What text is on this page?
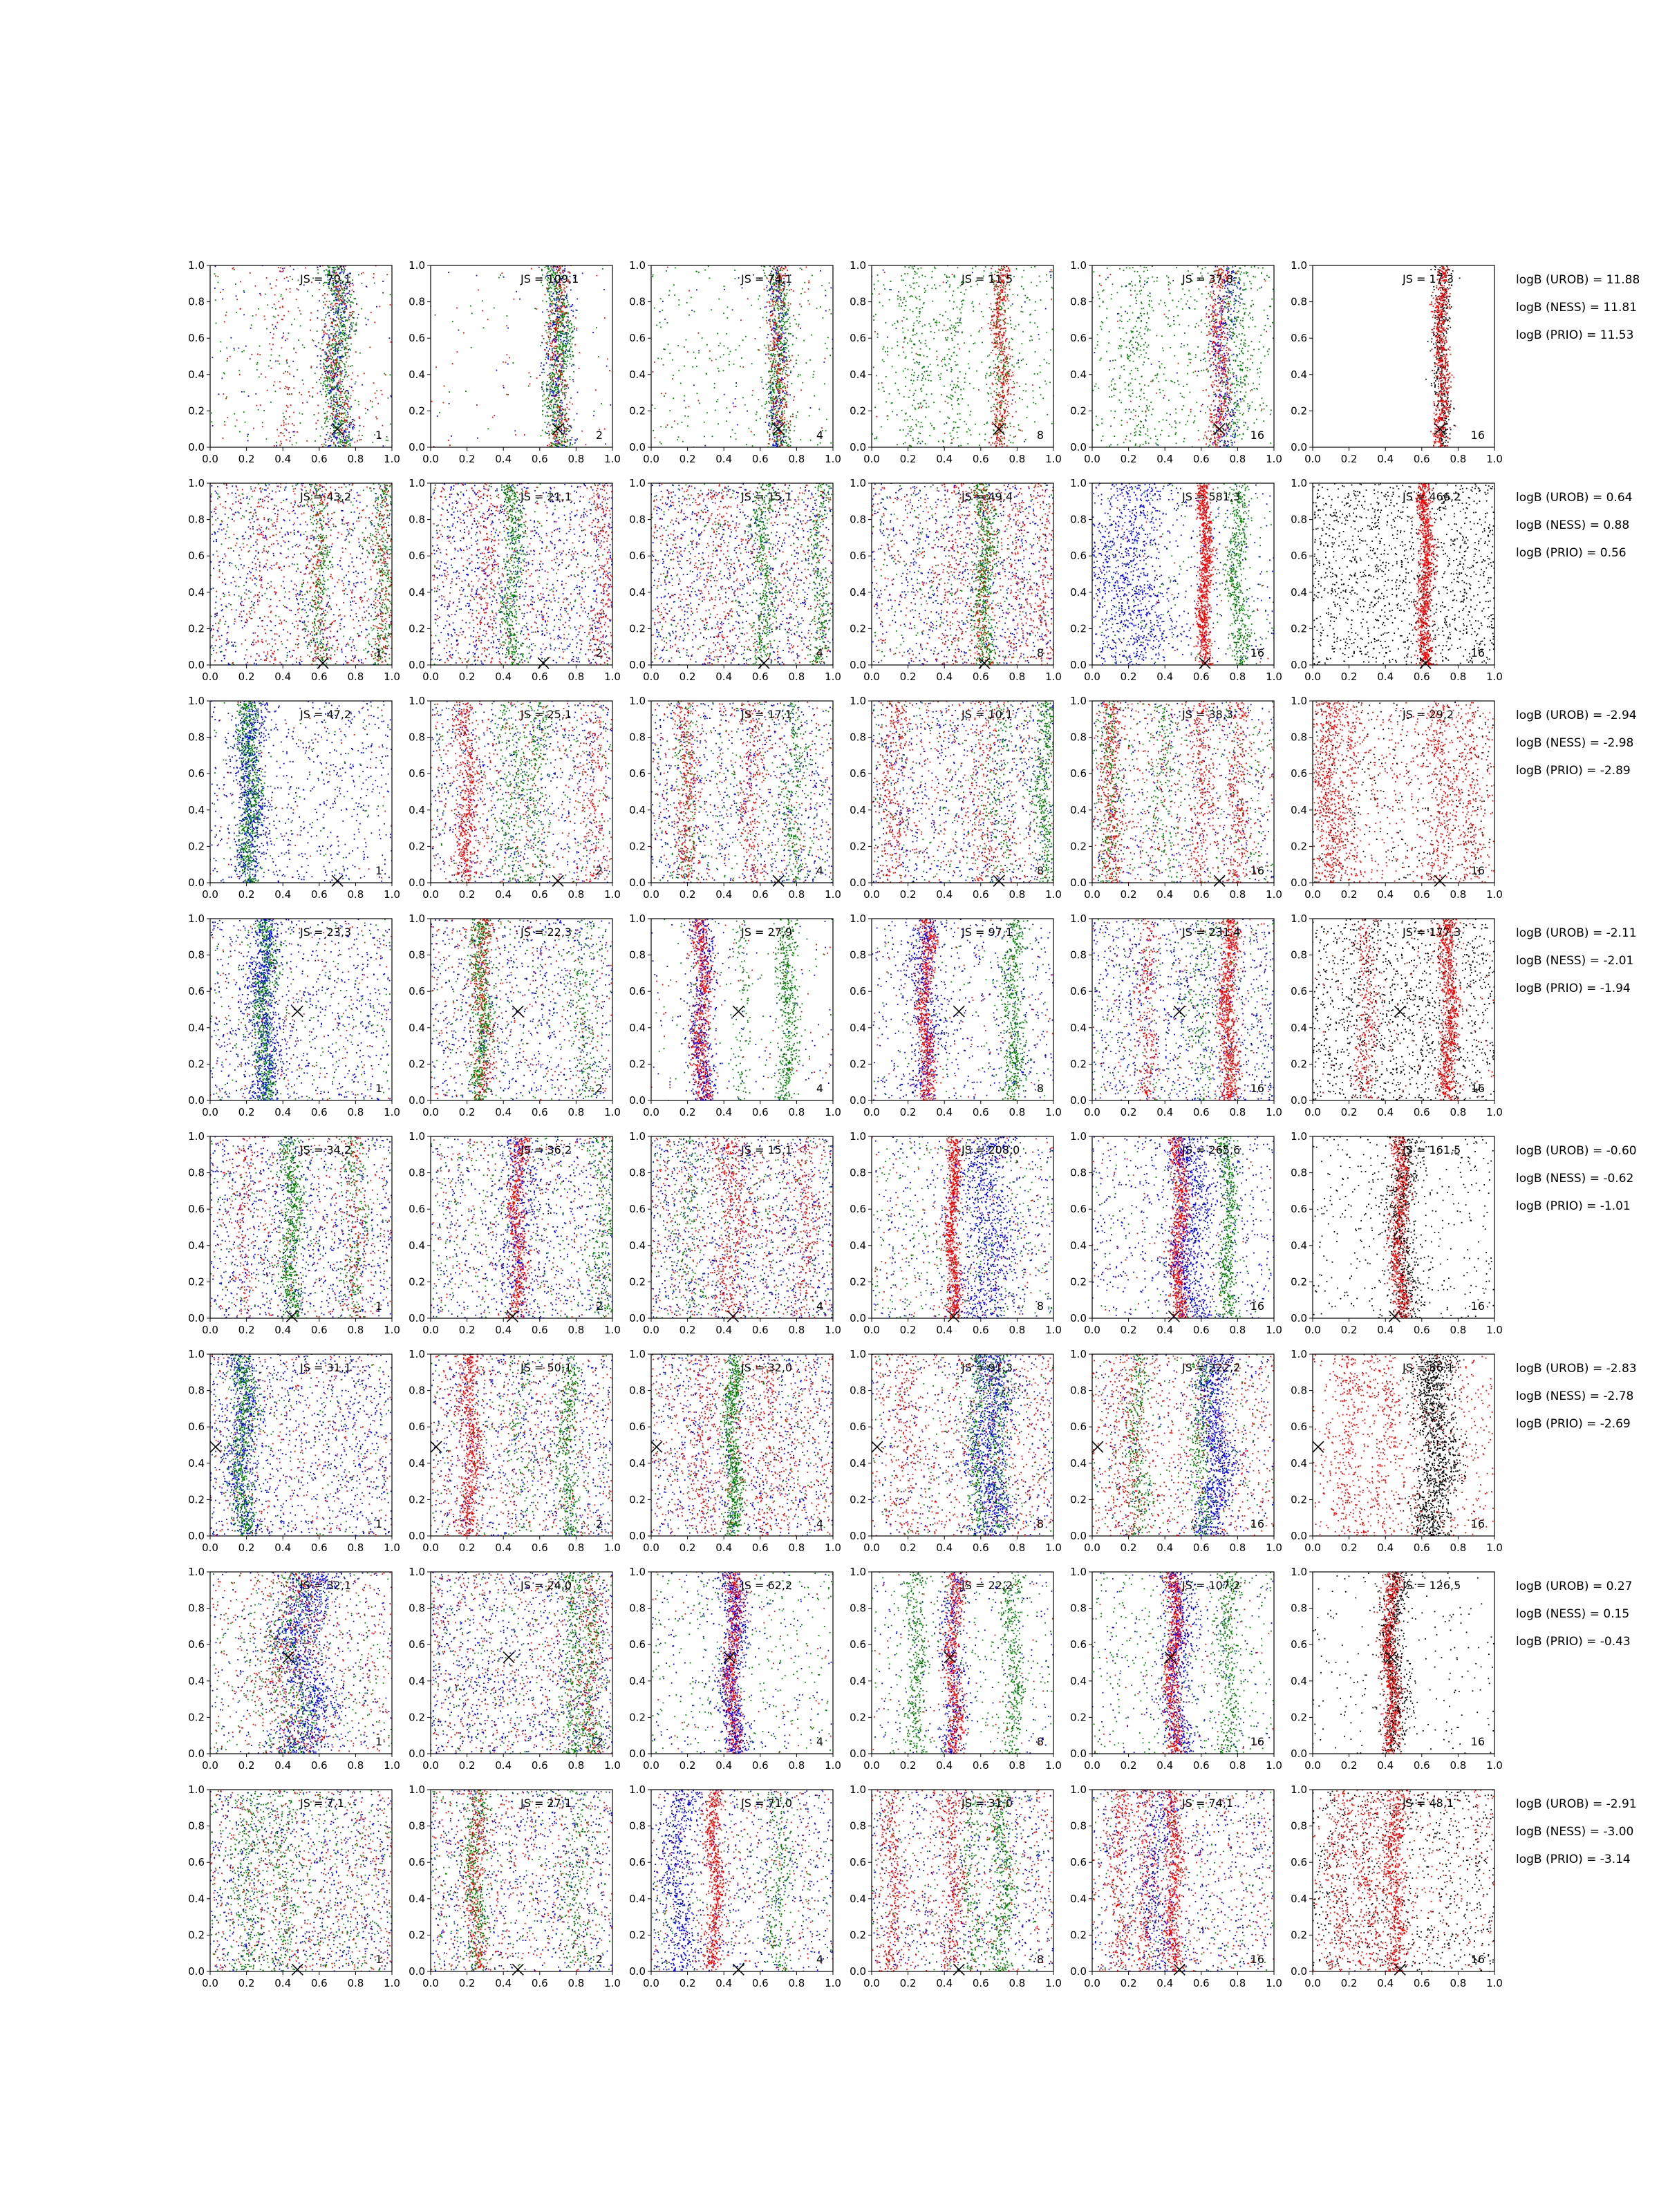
0.0
0.0
0.2
0.2
0.4
0.4
0.6
0.6
0.8
0.8
1.0
1.0
JS = 70,1
1
0.0
0.0
0.2
0.2
0.4
0.4
0.6
0.6
0.8
0.8
1.0
1.0
JS = 109,1
2
0.0
0.0
0.2
0.2
0.4
0.4
0.6
0.6
0.8
0.8
1.0
1.0
JS = 74,1
4
0.0
0.0
0.2
0.2
0.4
0.4
0.6
0.6
0.8
0.8
1.0
1.0
JS = 11,5
8
0.0
0.0
0.2
0.2
0.4
0.4
0.6
0.6
0.8
0.8
1.0
1.0
JS = 37,8
16
0.0
0.0
0.2
0.2
0.4
0.4
0.6
0.6
0.8
0.8
1.0
1.0
JS = 17,3
16
logB (UROB) = 11.88
logB (NESS) = 11.81
logB (PRIO) = 11.53
0.0
0.0
0.2
0.2
0.4
0.4
0.6
0.6
0.8
0.8
1.0
1.0
JS = 43,2
1
0.0
0.0
0.2
0.2
0.4
0.4
0.6
0.6
0.8
0.8
1.0
1.0
JS = 21,1
2
0.0
0.0
0.2
0.2
0.4
0.4
0.6
0.6
0.8
0.8
1.0
1.0
JS = 15,1
4
0.0
0.0
0.2
0.2
0.4
0.4
0.6
0.6
0.8
0.8
1.0
1.0
JS = 49,4
8
0.0
0.0
0.2
0.2
0.4
0.4
0.6
0.6
0.8
0.8
1.0
1.0
JS = 581,3
16
0.0
0.0
0.2
0.2
0.4
0.4
0.6
0.6
0.8
0.8
1.0
1.0
JS = 466,2
16
logB (UROB) = 0.64
logB (NESS) = 0.88
logB (PRIO) = 0.56
0.0
0.0
0.2
0.2
0.4
0.4
0.6
0.6
0.8
0.8
1.0
1.0
JS = 47,2
1
0.0
0.0
0.2
0.2
0.4
0.4
0.6
0.6
0.8
0.8
1.0
1.0
JS = 25,1
2
0.0
0.0
0.2
0.2
0.4
0.4
0.6
0.6
0.8
0.8
1.0
1.0
JS = 17,1
4
0.0
0.0
0.2
0.2
0.4
0.4
0.6
0.6
0.8
0.8
1.0
1.0
JS = 10,1
8
0.0
0.0
0.2
0.2
0.4
0.4
0.6
0.6
0.8
0.8
1.0
1.0
JS = 38,3
16
0.0
0.0
0.2
0.2
0.4
0.4
0.6
0.6
0.8
0.8
1.0
1.0
JS = 29,2
16
logB (UROB) = -2.94
logB (NESS) = -2.98
logB (PRIO) = -2.89
0.0
0.0
0.2
0.2
0.4
0.4
0.6
0.6
0.8
0.8
1.0
1.0
JS = 23,3
1
0.0
0.0
0.2
0.2
0.4
0.4
0.6
0.6
0.8
0.8
1.0
1.0
JS = 22,3
2
0.0
0.0
0.2
0.2
0.4
0.4
0.6
0.6
0.8
0.8
1.0
1.0
JS = 27,9
4
0.0
0.0
0.2
0.2
0.4
0.4
0.6
0.6
0.8
0.8
1.0
1.0
JS = 97,1
8
0.0
0.0
0.2
0.2
0.4
0.4
0.6
0.6
0.8
0.8
1.0
1.0
JS = 231,4
16
0.0
0.0
0.2
0.2
0.4
0.4
0.6
0.6
0.8
0.8
1.0
1.0
JS = 177,3
16
logB (UROB) = -2.11
logB (NESS) = -2.01
logB (PRIO) = -1.94
0.0
0.0
0.2
0.2
0.4
0.4
0.6
0.6
0.8
0.8
1.0
1.0
JS = 34,2
1
0.0
0.0
0.2
0.2
0.4
0.4
0.6
0.6
0.8
0.8
1.0
1.0
JS = 36,2
2
0.0
0.0
0.2
0.2
0.4
0.4
0.6
0.6
0.8
0.8
1.0
1.0
JS = 15,1
4
0.0
0.0
0.2
0.2
0.4
0.4
0.6
0.6
0.8
0.8
1.0
1.0
JS = 208,0
8
0.0
0.0
0.2
0.2
0.4
0.4
0.6
0.6
0.8
0.8
1.0
1.0
JS = 265,6
16
0.0
0.0
0.2
0.2
0.4
0.4
0.6
0.6
0.8
0.8
1.0
1.0
JS = 161,5
16
logB (UROB) = -0.60
logB (NESS) = -0.62
logB (PRIO) = -1.01
0.0
0.0
0.2
0.2
0.4
0.4
0.6
0.6
0.8
0.8
1.0
1.0
JS = 31,1
1
0.0
0.0
0.2
0.2
0.4
0.4
0.6
0.6
0.8
0.8
1.0
1.0
JS = 50,1
2
0.0
0.0
0.2
0.2
0.4
0.4
0.6
0.6
0.8
0.8
1.0
1.0
JS = 32,0
4
0.0
0.0
0.2
0.2
0.4
0.4
0.6
0.6
0.8
0.8
1.0
1.0
JS = 91,3
8
0.0
0.0
0.2
0.2
0.4
0.4
0.6
0.6
0.8
0.8
1.0
1.0
JS = 222,2
16
0.0
0.0
0.2
0.2
0.4
0.4
0.6
0.6
0.8
0.8
1.0
1.0
JS = 86,1
16
logB (UROB) = -2.83
logB (NESS) = -2.78
logB (PRIO) = -2.69
0.0
0.0
0.2
0.2
0.4
0.4
0.6
0.6
0.8
0.8
1.0
1.0
JS = 32,1
1
0.0
0.0
0.2
0.2
0.4
0.4
0.6
0.6
0.8
0.8
1.0
1.0
JS = 24,0
2
0.0
0.0
0.2
0.2
0.4
0.4
0.6
0.6
0.8
0.8
1.0
1.0
JS = 62,2
4
0.0
0.0
0.2
0.2
0.4
0.4
0.6
0.6
0.8
0.8
1.0
1.0
JS = 22,2
8
0.0
0.0
0.2
0.2
0.4
0.4
0.6
0.6
0.8
0.8
1.0
1.0
JS = 107,2
16
0.0
0.0
0.2
0.2
0.4
0.4
0.6
0.6
0.8
0.8
1.0
1.0
JS = 126,5
16
logB (UROB) = 0.27
logB (NESS) = 0.15
logB (PRIO) = -0.43
0.0
0.0
0.2
0.2
0.4
0.4
0.6
0.6
0.8
0.8
1.0
1.0
JS = 7,1
1
0.0
0.0
0.2
0.2
0.4
0.4
0.6
0.6
0.8
0.8
1.0
1.0
JS = 27,1
2
0.0
0.0
0.2
0.2
0.4
0.4
0.6
0.6
0.8
0.8
1.0
1.0
JS = 71,0
4
0.0
0.0
0.2
0.2
0.4
0.4
0.6
0.6
0.8
0.8
1.0
1.0
JS = 31,0
8
0.0
0.0
0.2
0.2
0.4
0.4
0.6
0.6
0.8
0.8
1.0
1.0
JS = 74,1
16
0.0
0.0
0.2
0.2
0.4
0.4
0.6
0.6
0.8
0.8
1.0
1.0
JS = 48,1
16
logB (UROB) = -2.91
logB (NESS) = -3.00
logB (PRIO) = -3.14
